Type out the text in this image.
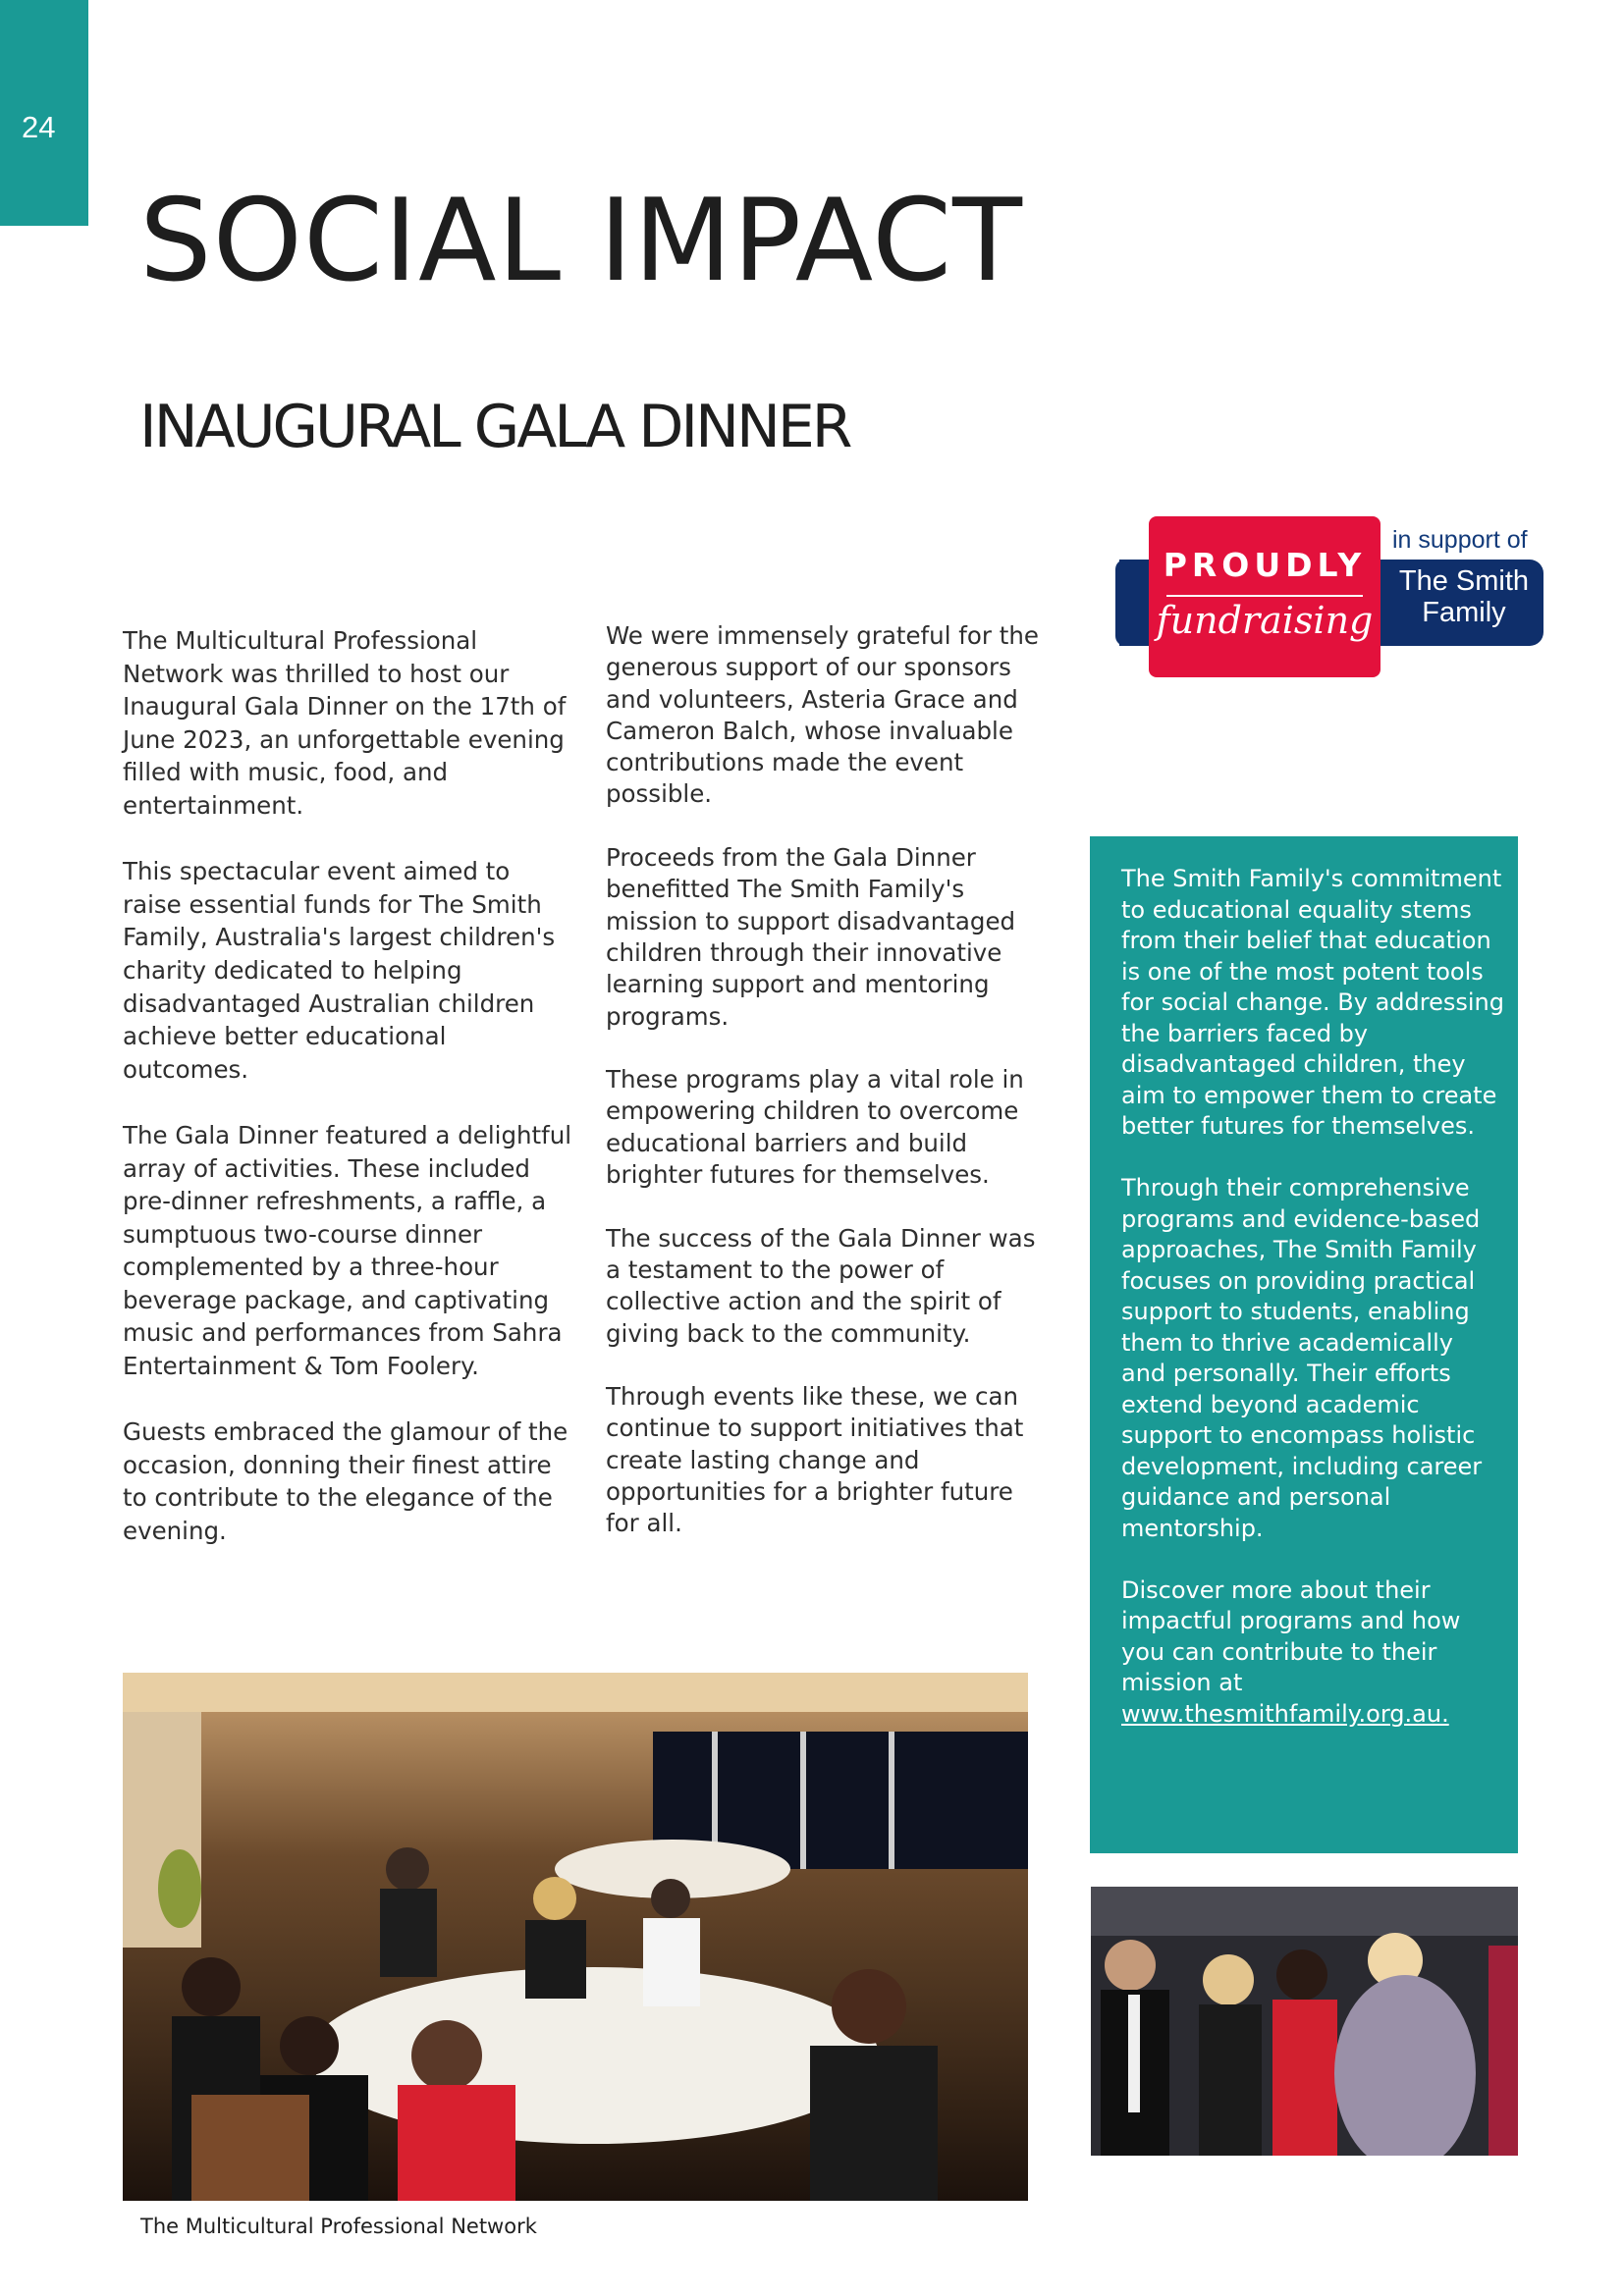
24
SOCIAL IMPACT
INAUGURAL GALA DINNER

The Multicultural Professional Network was thrilled to host our Inaugural Gala Dinner on the 17th of June 2023, an unforgettable evening filled with music, food, and entertainment.

This spectacular event aimed to raise essential funds for The Smith Family, Australia's largest children's charity dedicated to helping disadvantaged Australian children achieve better educational outcomes.

The Gala Dinner featured a delightful array of activities. These included pre-dinner refreshments, a raffle, a sumptuous two-course dinner complemented by a three-hour beverage package, and captivating music and performances from Sahra Entertainment & Tom Foolery.

Guests embraced the glamour of the occasion, donning their finest attire to contribute to the elegance of the evening.

We were immensely grateful for the generous support of our sponsors and volunteers, Asteria Grace and Cameron Balch, whose invaluable contributions made the event possible.

Proceeds from the Gala Dinner benefitted The Smith Family's mission to support disadvantaged children through their innovative learning support and mentoring programs.

These programs play a vital role in empowering children to overcome educational barriers and build brighter futures for themselves.

The success of the Gala Dinner was a testament to the power of collective action and the spirit of giving back to the community.

Through events like these, we can continue to support initiatives that create lasting change and opportunities for a brighter future for all.

PROUDLY
fundraising
in support of
The Smith
Family

The Smith Family's commitment to educational equality stems from their belief that education is one of the most potent tools for social change. By addressing the barriers faced by disadvantaged children, they aim to empower them to create better futures for themselves.

Through their comprehensive programs and evidence-based approaches, The Smith Family focuses on providing practical support to students, enabling them to thrive academically and personally. Their efforts extend beyond academic support to encompass holistic development, including career guidance and personal mentorship.

Discover more about their impactful programs and how you can contribute to their mission at www.thesmithfamily.org.au.

The Multicultural Professional Network
